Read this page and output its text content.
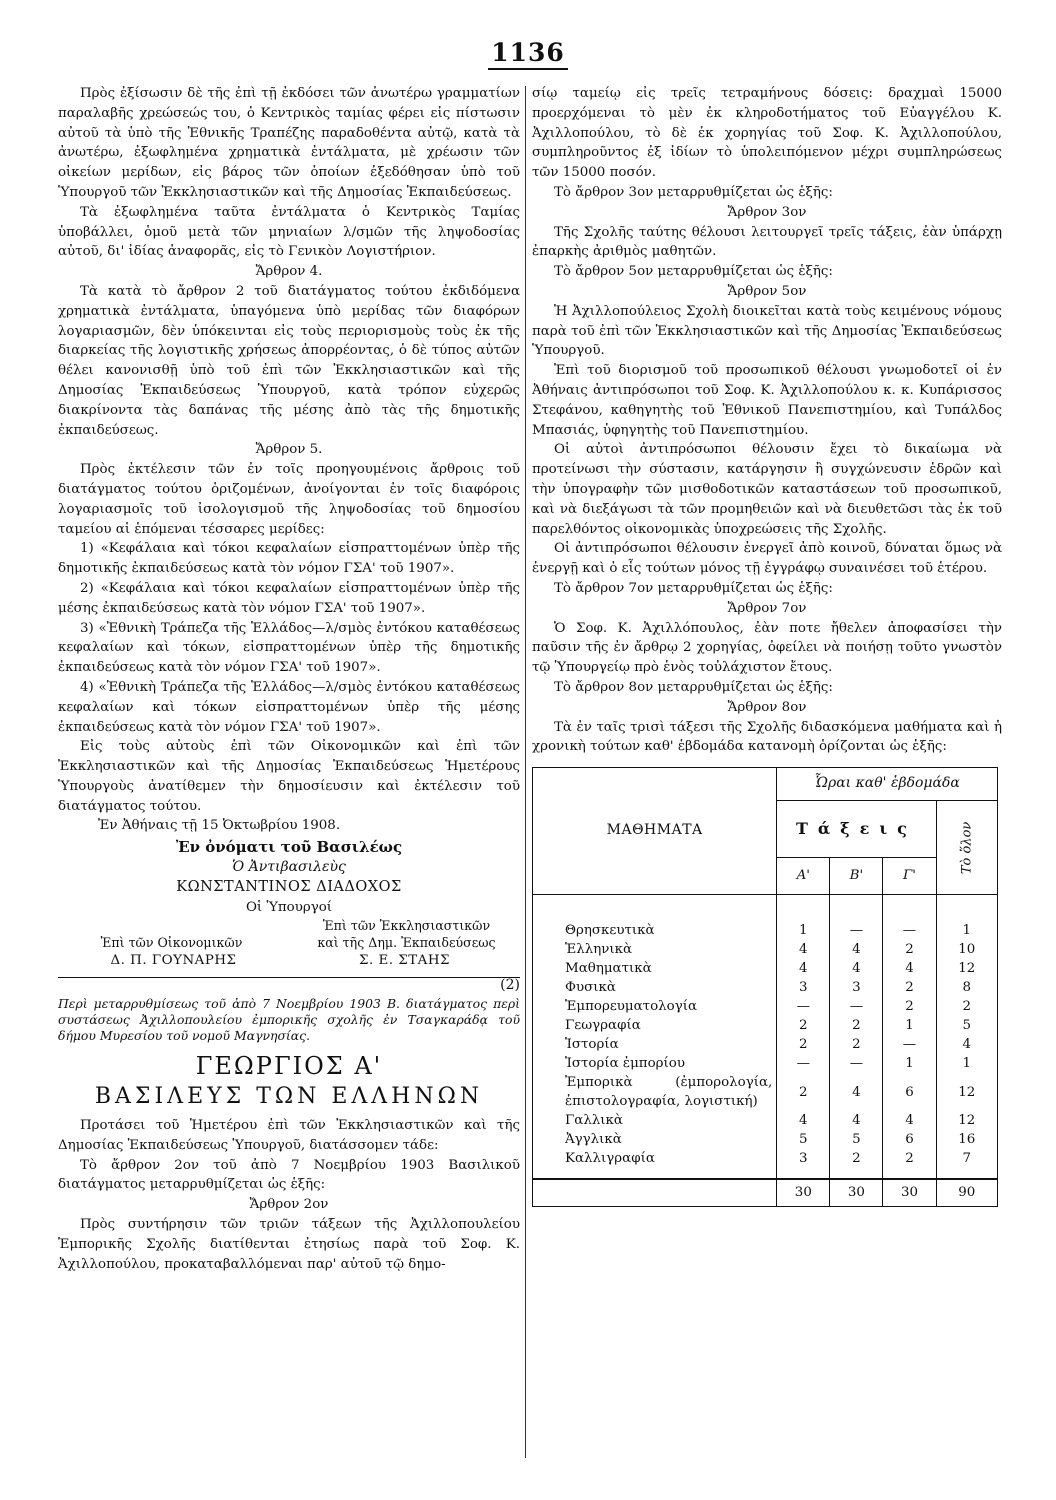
1136

Πρὸς ἐξίσωσιν δὲ τῆς ἐπὶ τῇ ἐκδόσει τῶν ἀνωτέρω γραμματίων παραλαβῆς χρεώσεώς του, ὁ Κεντρικὸς ταμίας φέρει εἰς πίστωσιν αὐτοῦ τὰ ὑπὸ τῆς Ἐθνικῆς Τραπέζης παραδοθέντα αὐτῷ, κατὰ τὰ ἀνωτέρω, ἐξωφλημένα χρηματικὰ ἐντάλματα, μὲ χρέωσιν τῶν οἰκείων μερίδων, εἰς βάρος τῶν ὁποίων ἐξεδόθησαν ὑπὸ τοῦ Ὑπουργοῦ τῶν Ἐκκλησιαστικῶν καὶ τῆς Δημοσίας Ἐκπαιδεύσεως.

Τὰ ἐξωφλημένα ταῦτα ἐντάλματα ὁ Κεντρικὸς Ταμίας ὑποβάλλει, ὁμοῦ μετὰ τῶν μηνιαίων λ/σμῶν τῆς ληψοδοσίας αὐτοῦ, δι' ἰδίας ἀναφορᾶς, εἰς τὸ Γενικὸν Λογιστήριον.

Ἄρθρον 4.

Τὰ κατὰ τὸ ἄρθρον 2 τοῦ διατάγματος τούτου ἐκδιδόμενα χρηματικὰ ἐντάλματα, ὑπαγόμενα ὑπὸ μερίδας τῶν διαφόρων λογαριασμῶν, δὲν ὑπόκεινται εἰς τοὺς περιορισμοὺς τοὺς ἐκ τῆς διαρκείας τῆς λογιστικῆς χρήσεως ἀπορρέοντας, ὁ δὲ τύπος αὐτῶν θέλει κανονισθῇ ὑπὸ τοῦ ἐπὶ τῶν Ἐκκλησιαστικῶν καὶ τῆς Δημοσίας Ἐκπαιδεύσεως Ὑπουργοῦ, κατὰ τρόπον εὐχερῶς διακρίνοντα τὰς δαπάνας τῆς μέσης ἀπὸ τὰς τῆς δημοτικῆς ἐκπαιδεύσεως.

Ἄρθρον 5.

Πρὸς ἐκτέλεσιν τῶν ἐν τοῖς προηγουμένοις ἄρθροις τοῦ διατάγματος τούτου ὁριζομένων, ἀνοίγονται ἐν τοῖς διαφόροις λογαριασμοῖς τοῦ ἰσολογισμοῦ τῆς ληψοδοσίας τοῦ δημοσίου ταμείου αἱ ἑπόμεναι τέσσαρες μερίδες:

1) «Κεφάλαια καὶ τόκοι κεφαλαίων εἰσπραττομένων ὑπὲρ τῆς δημοτικῆς ἐκπαιδεύσεως κατὰ τὸν νόμον ΓΣΑ' τοῦ 1907».

2) «Κεφάλαια καὶ τόκοι κεφαλαίων εἰσπραττομένων ὑπὲρ τῆς μέσης ἐκπαιδεύσεως κατὰ τὸν νόμον ΓΣΑ' τοῦ 1907».

3) «Ἐθνικὴ Τράπεζα τῆς Ἑλλάδος—λ/σμὸς ἐντόκου καταθέσεως κεφαλαίων καὶ τόκων, εἰσπραττομένων ὑπὲρ τῆς δημοτικῆς ἐκπαιδεύσεως κατὰ τὸν νόμον ΓΣΑ' τοῦ 1907».

4) «Ἐθνικὴ Τράπεζα τῆς Ἑλλάδος—λ/σμὸς ἐντόκου καταθέσεως κεφαλαίων καὶ τόκων εἰσπραττομένων ὑπὲρ τῆς μέσης ἐκπαιδεύσεως κατὰ τὸν νόμον ΓΣΑ' τοῦ 1907».

Εἰς τοὺς αὐτοὺς ἐπὶ τῶν Οἰκονομικῶν καὶ ἐπὶ τῶν Ἐκκλησιαστικῶν καὶ τῆς Δημοσίας Ἐκπαιδεύσεως Ἡμετέρους Ὑπουργοὺς ἀνατίθεμεν τὴν δημοσίευσιν καὶ ἐκτέλεσιν τοῦ διατάγματος τούτου.

Ἐν Ἀθήναις τῇ 15 Ὀκτωβρίου 1908.

Ἐν ὀνόματι τοῦ Βασιλέως
Ὁ Ἀντιβασιλεὺς
ΚΩΝΣΤΑΝΤΙΝΟΣ ΔΙΑΔΟΧΟΣ
Οἱ Ὑπουργοί
Ἐπὶ τῶν Ἐκκλησιαστικῶν
Ἐπὶ τῶν Οἰκονομικῶν	καὶ τῆς Δημ. Ἐκπαιδεύσεως
Δ. Π. ΓΟΥΝΑΡΗΣ	Σ. Ε. ΣΤΑΗΣ
(2)

Περὶ μεταρρυθμίσεως τοῦ ἀπὸ 7 Νοεμβρίου 1903 Β. διατάγματος περὶ συστάσεως Ἀχιλλοπουλείου ἐμπορικῆς σχολῆς ἐν Τσαγκαράδᾳ τοῦ δήμου Μυρεσίου τοῦ νομοῦ Μαγνησίας.

ΓΕΩΡΓΙΟΣ Α'
ΒΑΣΙΛΕΥΣ ΤΩΝ ΕΛΛΗΝΩΝ

Προτάσει τοῦ Ἡμετέρου ἐπὶ τῶν Ἐκκλησιαστικῶν καὶ τῆς Δημοσίας Ἐκπαιδεύσεως Ὑπουργοῦ, διατάσσομεν τάδε:

Τὸ ἄρθρον 2ον τοῦ ἀπὸ 7 Νοεμβρίου 1903 Βασιλικοῦ διατάγματος μεταρρυθμίζεται ὡς ἑξῆς:

Ἄρθρον 2ον

Πρὸς συντήρησιν τῶν τριῶν τάξεων τῆς Ἀχιλλοπουλείου Ἐμπορικῆς Σχολῆς διατίθενται ἐτησίως παρὰ τοῦ Σοφ. Κ. Ἀχιλλοπούλου, προκαταβαλλόμεναι παρ' αὐτοῦ τῷ δημο-

σίῳ ταμείῳ εἰς τρεῖς τετραμήνους δόσεις: δραχμαὶ 15000 προερχόμεναι τὸ μὲν ἐκ κληροδοτήματος τοῦ Εὐαγγέλου Κ. Ἀχιλλοπούλου, τὸ δὲ ἐκ χορηγίας τοῦ Σοφ. Κ. Ἀχιλλοπούλου, συμπληροῦντος ἐξ ἰδίων τὸ ὑπολειπόμενον μέχρι συμπληρώσεως τῶν 15000 ποσόν.

Τὸ ἄρθρον 3ον μεταρρυθμίζεται ὡς ἑξῆς:

Ἄρθρον 3ον

Τῆς Σχολῆς ταύτης θέλουσι λειτουργεῖ τρεῖς τάξεις, ἐὰν ὑπάρχῃ ἐπαρκὴς ἀριθμὸς μαθητῶν.

Τὸ ἄρθρον 5ον μεταρρυθμίζεται ὡς ἑξῆς:

Ἄρθρον 5ον

Ἡ Ἀχιλλοπούλειος Σχολὴ διοικεῖται κατὰ τοὺς κειμένους νόμους παρὰ τοῦ ἐπὶ τῶν Ἐκκλησιαστικῶν καὶ τῆς Δημοσίας Ἐκπαιδεύσεως Ὑπουργοῦ.

Ἐπὶ τοῦ διορισμοῦ τοῦ προσωπικοῦ θέλουσι γνωμοδοτεῖ οἱ ἐν Ἀθήναις ἀντιπρόσωποι τοῦ Σοφ. Κ. Ἀχιλλοπούλου κ. κ. Κυπάρισσος Στεφάνου, καθηγητὴς τοῦ Ἐθνικοῦ Πανεπιστημίου, καὶ Τυπάλδος Μπασιάς, ὑφηγητὴς τοῦ Πανεπιστημίου.

Οἱ αὐτοὶ ἀντιπρόσωποι θέλουσιν ἔχει τὸ δικαίωμα νὰ προτείνωσι τὴν σύστασιν, κατάργησιν ἢ συγχώνευσιν ἑδρῶν καὶ τὴν ὑπογραφὴν τῶν μισθοδοτικῶν καταστάσεων τοῦ προσωπικοῦ, καὶ νὰ διεξάγωσι τὰ τῶν προμηθειῶν καὶ νὰ διευθετῶσι τὰς ἐκ τοῦ παρελθόντος οἰκονομικὰς ὑποχρεώσεις τῆς Σχολῆς.

Οἱ ἀντιπρόσωποι θέλουσιν ἐνεργεῖ ἀπὸ κοινοῦ, δύναται ὅμως νὰ ἐνεργῇ καὶ ὁ εἷς τούτων μόνος τῇ ἐγγράφῳ συναινέσει τοῦ ἑτέρου.

Τὸ ἄρθρον 7ον μεταρρυθμίζεται ὡς ἑξῆς:

Ἄρθρον 7ον

Ὁ Σοφ. Κ. Ἀχιλλόπουλος, ἐὰν ποτε ἤθελεν ἀποφασίσει τὴν παῦσιν τῆς ἐν ἄρθρῳ 2 χορηγίας, ὀφείλει νὰ ποιήσῃ τοῦτο γνωστὸν τῷ Ὑπουργείῳ πρὸ ἑνὸς τοὐλάχιστον ἔτους.

Τὸ ἄρθρον 8ον μεταρρυθμίζεται ὡς ἑξῆς:

Ἄρθρον 8ον

Τὰ ἐν ταῖς τρισὶ τάξεσι τῆς Σχολῆς διδασκόμενα μαθήματα καὶ ἡ χρονικὴ τούτων καθ' ἑβδομάδα κατανομὴ ὁρίζονται ὡς ἑξῆς:

ΜΑΘΗΜΑΤΑ	Ὧραι καθ' ἑβδομάδα			
	Τάξεις			Τὸ ὅλον
	Α'	Β'	Γ'	

Θρησκευτικὰ	1	—	—	1
Ἑλληνικὰ	4	4	2	10
Μαθηματικὰ	4	4	4	12
Φυσικὰ	3	3	2	8
Ἐμπορευματολογία	—	—	2	2
Γεωγραφία	2	2	1	5
Ἱστορία	2	2	—	4
Ἱστορία ἐμπορίου	—	—	1	1
Ἐμπορικὰ (ἐμπορολογία, ἐπιστολογραφία, λογιστική)	2	4	6	12
Γαλλικὰ	4	4	4	12
Ἀγγλικὰ	5	5	6	16
Καλλιγραφία	3	2	2	7
	30	30	30	90
